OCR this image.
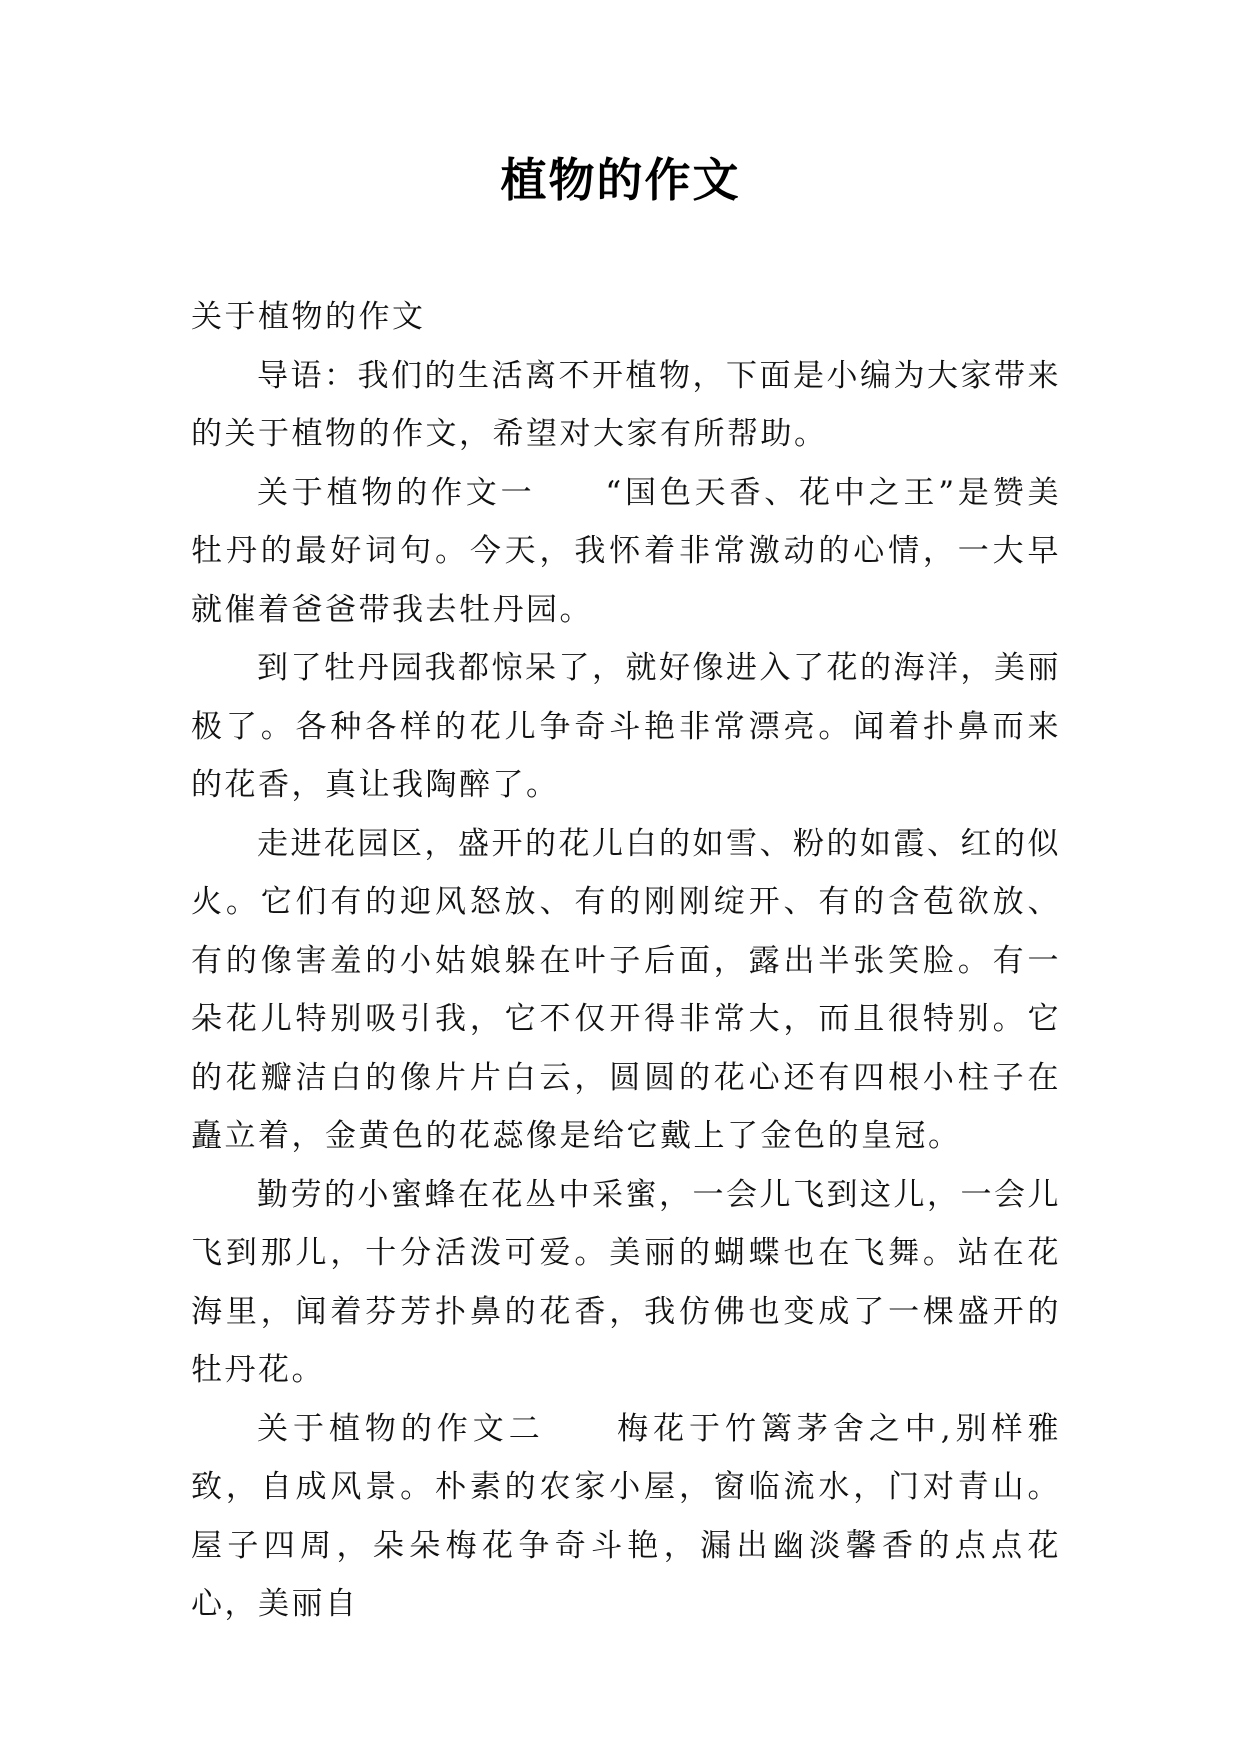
植物的作文

关于植物的作文

导语：我们的生活离不开植物，下面是小编为大家带来的关于植物的作文，希望对大家有所帮助。

关于植物的作文一 “国色天香、花中之王”是赞美牡丹的最好词句。今天，我怀着非常激动的心情，一大早就催着爸爸带我去牡丹园。

到了牡丹园我都惊呆了，就好像进入了花的海洋，美丽极了。各种各样的花儿争奇斗艳非常漂亮。闻着扑鼻而来的花香，真让我陶醉了。

走进花园区，盛开的花儿白的如雪、粉的如霞、红的似火。它们有的迎风怒放、有的刚刚绽开、有的含苞欲放、有的像害羞的小姑娘躲在叶子后面，露出半张笑脸。有一朵花儿特别吸引我，它不仅开得非常大，而且很特别。它的花瓣洁白的像片片白云，圆圆的花心还有四根小柱子在矗立着，金黄色的花蕊像是给它戴上了金色的皇冠。

勤劳的小蜜蜂在花丛中采蜜，一会儿飞到这儿，一会儿飞到那儿，十分活泼可爱。美丽的蝴蝶也在飞舞。站在花海里，闻着芬芳扑鼻的花香，我仿佛也变成了一棵盛开的牡丹花。

关于植物的作文二 梅花于竹篱茅舍之中,别样雅致，自成风景。朴素的农家小屋，窗临流水，门对青山。屋子四周，朵朵梅花争奇斗艳，漏出幽淡馨香的点点花心，美丽自
